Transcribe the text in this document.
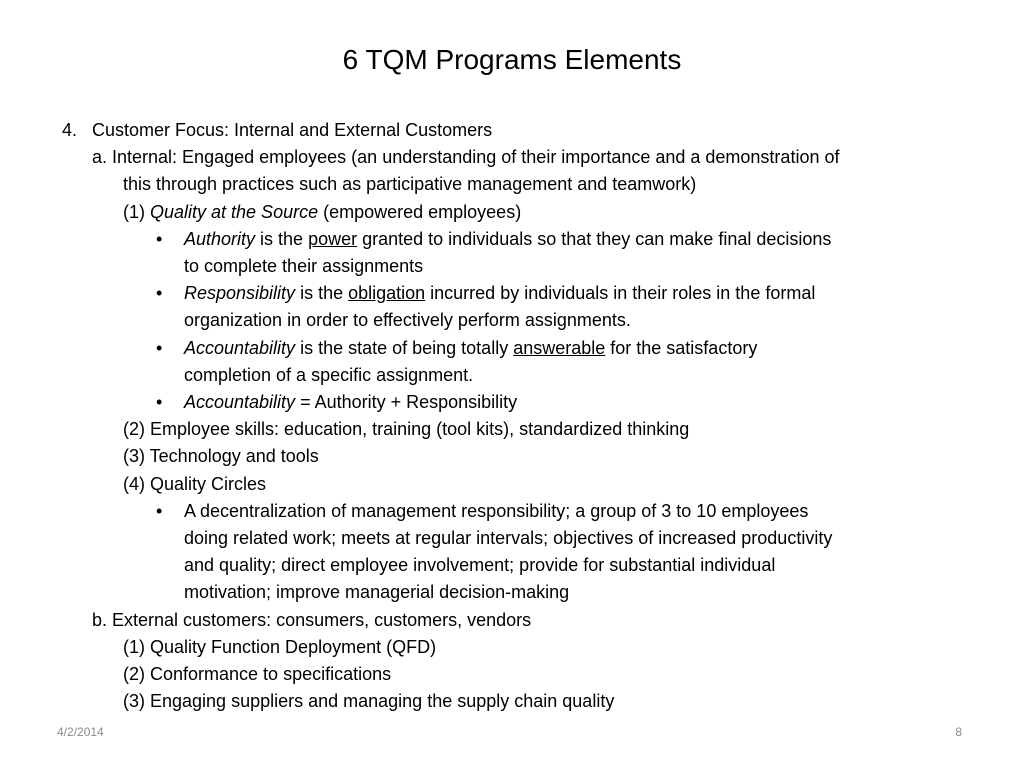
6 TQM Programs Elements
4. Customer Focus: Internal and External Customers
a. Internal: Engaged employees (an understanding of their importance and a demonstration of
this through practices such as participative management and teamwork)
(1) Quality at the Source (empowered employees)
• Authority is the power granted to individuals so that they can make final decisions
to complete their assignments
• Responsibility is the obligation incurred by individuals in their roles in the formal
organization in order to effectively perform assignments.
• Accountability is the state of being totally answerable for the satisfactory
completion of a specific assignment.
• Accountability = Authority + Responsibility
(2) Employee skills: education, training (tool kits), standardized thinking
(3) Technology and tools
(4) Quality Circles
• A decentralization of management responsibility; a group of 3 to 10 employees
doing related work; meets at regular intervals; objectives of increased productivity
and quality; direct employee involvement; provide for substantial individual
motivation; improve managerial decision-making
b. External customers: consumers, customers, vendors
(1) Quality Function Deployment (QFD)
(2) Conformance to specifications
(3) Engaging suppliers and managing the supply chain quality
4/2/2014	8
